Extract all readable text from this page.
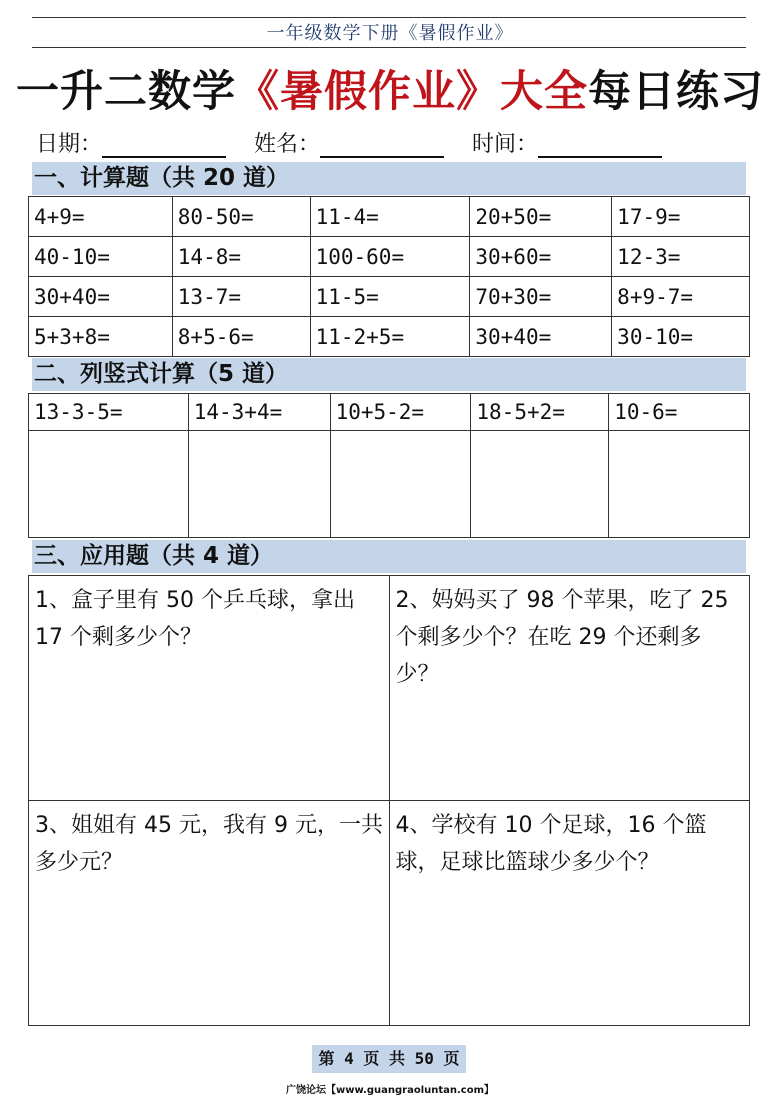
一年级数学下册《暑假作业》
一升二数学《暑假作业》大全每日练习
日期：	姓名：	时间：
一、计算题（共 20 道）
4+9=	80-50=	11-4=	20+50=	17-9=
40-10=	14-8=	100-60=	30+60=	12-3=
30+40=	13-7=	11-5=	70+30=	8+9-7=
5+3+8=	8+5-6=	11-2+5=	30+40=	30-10=
二、列竖式计算（5 道）
13-3-5=	14-3+4=	10+5-2=	18-5+2=	10-6=

三、应用题（共 4 道）
1、盒子里有 50 个乒乓球，拿出 17 个剩多少个？	2、妈妈买了 98 个苹果，吃了 25 个剩多少个？在吃 29 个还剩多少？
3、姐姐有 45 元，我有 9 元，一共多少元？	4、学校有 10 个足球，16 个篮球，足球比篮球少多少个？
第 4 页 共 50 页
广饶论坛【www.guangraoluntan.com】
